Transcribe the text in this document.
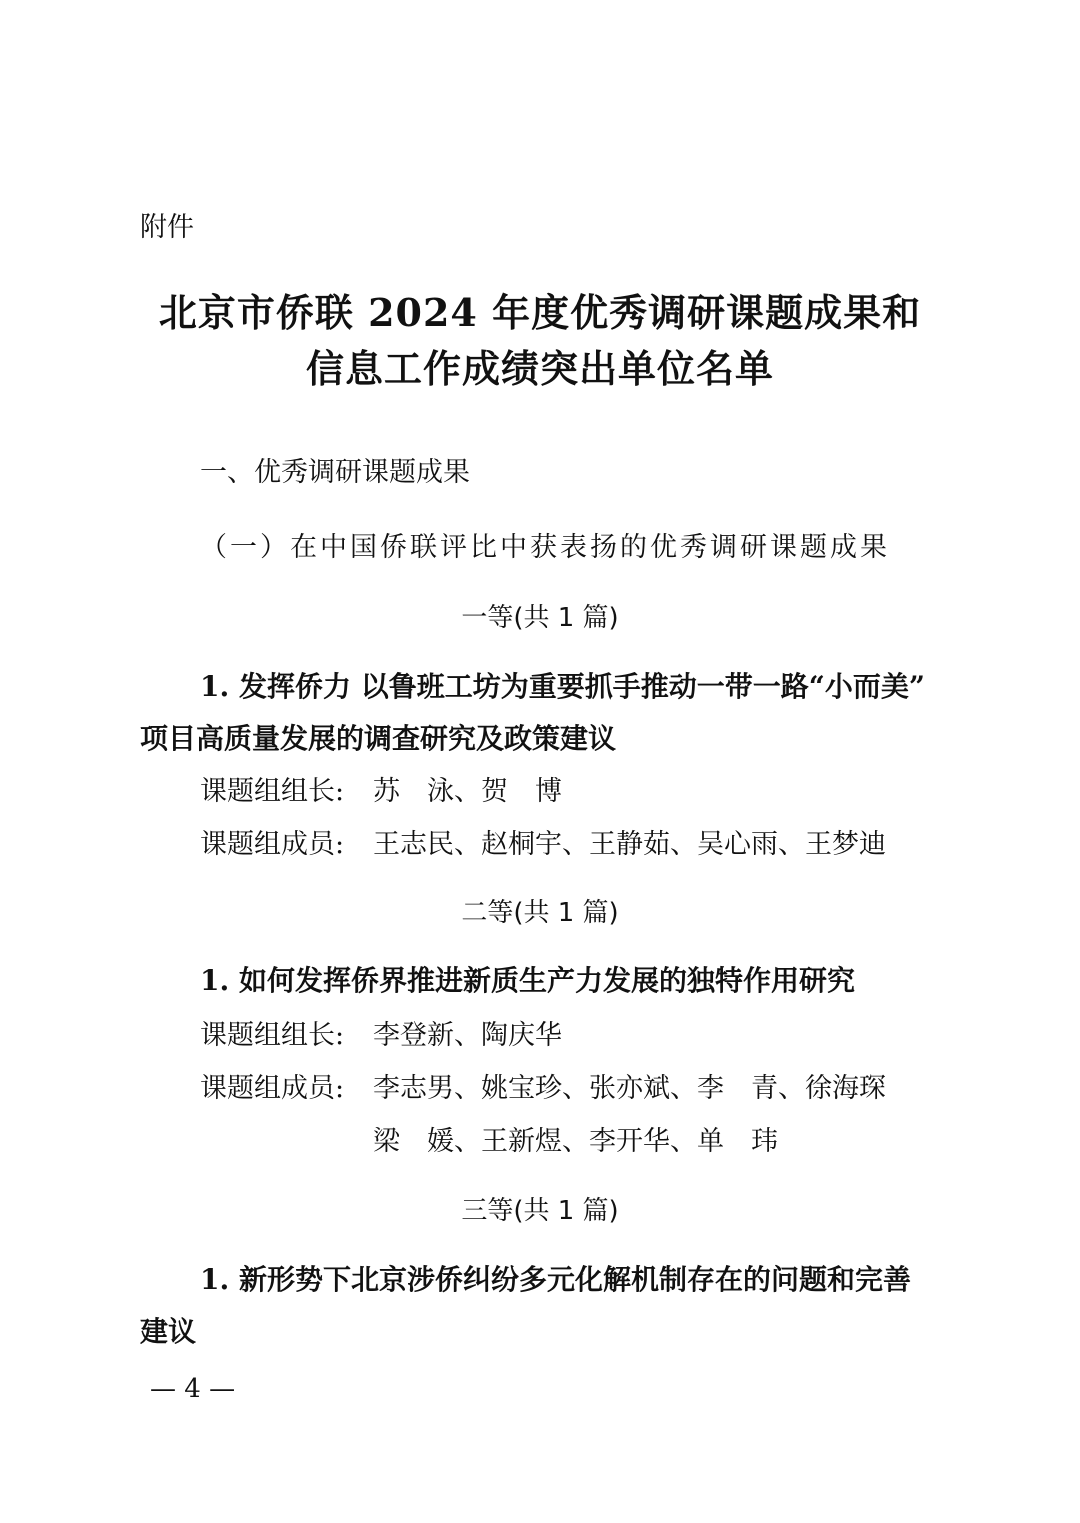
附件
北京市侨联 2024 年度优秀调研课题成果和
信息工作成绩突出单位名单
一、优秀调研课题成果
（一）在中国侨联评比中获表扬的优秀调研课题成果
一等(共 1 篇)
1. 发挥侨力 以鲁班工坊为重要抓手推动一带一路“小而美”
项目高质量发展的调查研究及政策建议
课题组组长: 苏　泳、贺　博
课题组成员: 王志民、赵桐宇、王静茹、吴心雨、王梦迪
二等(共 1 篇)
1. 如何发挥侨界推进新质生产力发展的独特作用研究
课题组组长: 李登新、陶庆华
课题组成员: 李志男、姚宝珍、张亦斌、李　青、徐海琛
梁　媛、王新煜、李开华、单　玮
三等(共 1 篇)
1. 新形势下北京涉侨纠纷多元化解机制存在的问题和完善
建议
— 4 —
